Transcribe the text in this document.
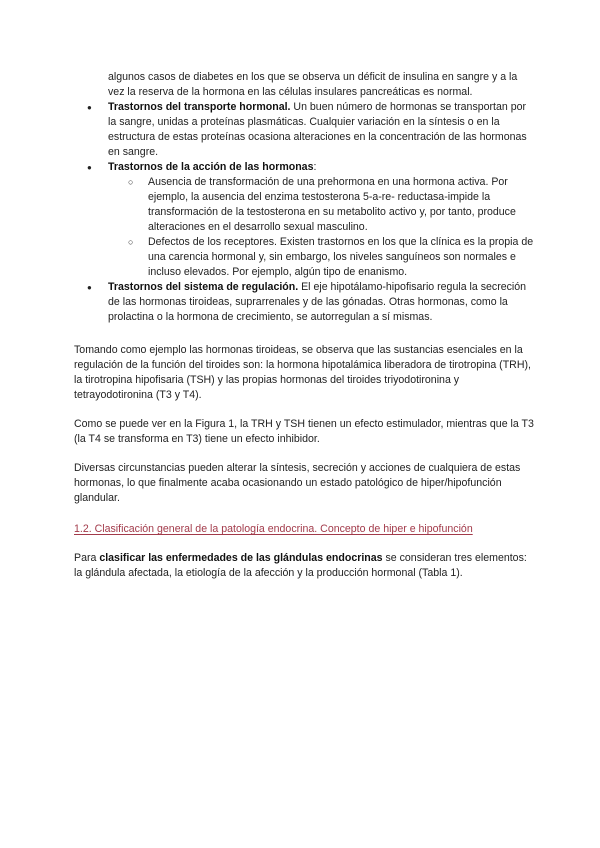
algunos casos de diabetes en los que se observa un déficit de insulina en sangre y a la vez la reserva de la hormona en las células insulares pancreáticas es normal.

● Trastornos del transporte hormonal. Un buen número de hormonas se transportan por la sangre, unidas a proteínas plasmáticas. Cualquier variación en la síntesis o en la estructura de estas proteínas ocasiona alteraciones en la concentración de las hormonas en sangre.
● Trastornos de la acción de las hormonas:
○ Ausencia de transformación de una prehormona en una hormona activa. Por ejemplo, la ausencia del enzima testosterona 5-a-re- reductasa-impide la transformación de la testosterona en su metabolito activo y, por tanto, produce alteraciones en el desarrollo sexual masculino.
○ Defectos de los receptores. Existen trastornos en los que la clínica es la propia de una carencia hormonal y, sin embargo, los niveles sanguíneos son normales e incluso elevados. Por ejemplo, algún tipo de enanismo.
● Trastornos del sistema de regulación. El eje hipotálamo-hipofisario regula la secreción de las hormonas tiroideas, suprarrenales y de las gónadas. Otras hormonas, como la prolactina o la hormona de crecimiento, se autorregulan a sí mismas.

Tomando como ejemplo las hormonas tiroideas, se observa que las sustancias esenciales en la regulación de la función del tiroides son: la hormona hipotalámica liberadora de tirotropina (TRH), la tirotropina hipofisaria (TSH) y las propias hormonas del tiroides triyodotironina y tetrayodotironina (T3 y T4).

Como se puede ver en la Figura 1, la TRH y TSH tienen un efecto estimulador, mientras que la T3 (la T4 se transforma en T3) tiene un efecto inhibidor.

Diversas circunstancias pueden alterar la síntesis, secreción y acciones de cualquiera de estas hormonas, lo que finalmente acaba ocasionando un estado patológico de hiper/hipofunción glandular.

1.2. Clasificación general de la patología endocrina. Concepto de hiper e hipofunción

Para clasificar las enfermedades de las glándulas endocrinas se consideran tres elementos: la glándula afectada, la etiología de la afección y la producción hormonal (Tabla 1).
